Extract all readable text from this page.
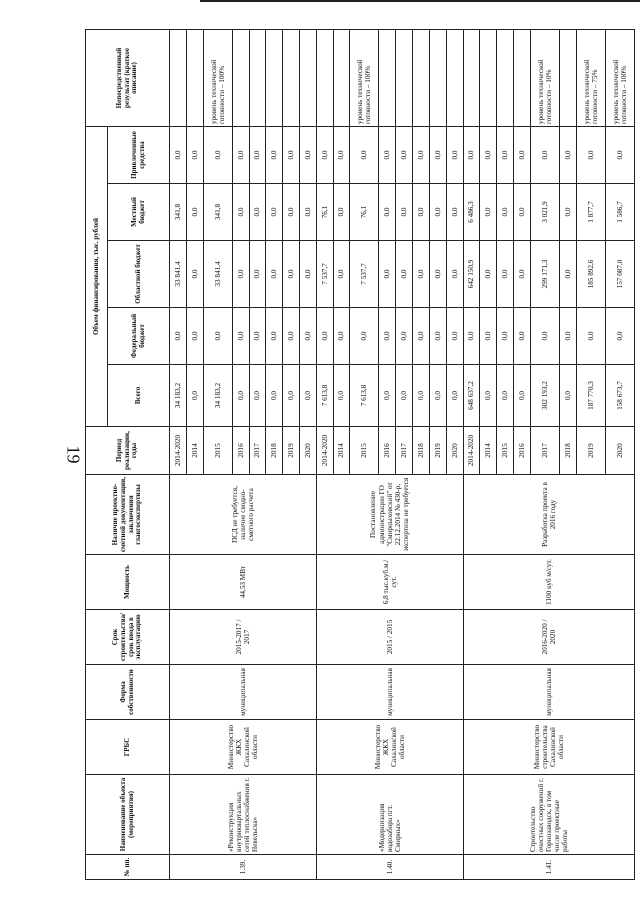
19
№ пп.	Наименование объекта (мероприятия)	ГРБС	Форма собственности	Срок строительства/ срок ввода в эксплуатацию	Мощность	Наличие проектно-сметной документации, заключения главгосэкспертизы	Период реализации, годы	Объем финансирования, тыс. рублей					Непосредственный результат (краткое описание)
								Всего	Федеральный бюджет	Областной бюджет	Местный бюджет	Привлеченные средства	
1.39.	«Реконструкция внутриквартальных сетей теплоснабжения г. Невельска»	Министерство ЖКХ Сахалинской области	муниципальная	2015-2017 / 2017	44,53 МВт	ПСД не требуется, наличие сводно-сметного расчета	2014-2020	34 183,2	0,0	33 841,4	341,8	0,0	
							2014	0,0	0,0	0,0	0,0	0,0	
							2015	34 183,2	0,0	33 841,4	341,8	0,0	уровень технической готовности – 100%
							2016	0,0	0,0	0,0	0,0	0,0	
							2017	0,0	0,0	0,0	0,0	0,0	
							2018	0,0	0,0	0,0	0,0	0,0	
							2019	0,0	0,0	0,0	0,0	0,0	
							2020	0,0	0,0	0,0	0,0	0,0	
1.40.	«Модернизация водозабора пгт. Смирных»	Министерство ЖКХ Сахалинской области	муниципальная	2015 / 2015	6,8 тыс.куб.м./сут.	Постановление администрации ГО "Смирныховский" от 22.12.2014 № 430-р, экспертиза не требуется	2014-2020	7 613,8	0,0	7 537,7	76,1	0,0	
							2014	0,0	0,0	0,0	0,0	0,0	
							2015	7 613,8	0,0	7 537,7	76,1	0,0	уровень технической готовности – 100%
							2016	0,0	0,0	0,0	0,0	0,0	
							2017	0,0	0,0	0,0	0,0	0,0	
							2018	0,0	0,0	0,0	0,0	0,0	
							2019	0,0	0,0	0,0	0,0	0,0	
							2020	0,0	0,0	0,0	0,0	0,0	
1.41.	Строительство очистных сооружений г. Горнозаводск, в том числе проектные работы	Министерство строительства Сахалинской области	муниципальная	2016-2020 / 2020	1100 куб м/сут.	Разработка проекта в 2016 году	2014-2020	648 637,2	0,0	642 150,9	6 486,3	0,0	
							2014	0,0	0,0	0,0	0,0	0,0	
							2015	0,0	0,0	0,0	0,0	0,0	
							2016	0,0	0,0	0,0	0,0	0,0	
							2017	302 193,2	0,0	299 171,3	3 021,9	0,0	уровень технической готовности – 10%
							2018	0,0	0,0	0,0	0,0	0,0	
							2019	187 770,3	0,0	185 892,6	1 877,7	0,0	уровень технической готовности – 75%
							2020	158 673,7	0,0	157 087,0	1 586,7	0,0	уровень технической готовности – 100%
